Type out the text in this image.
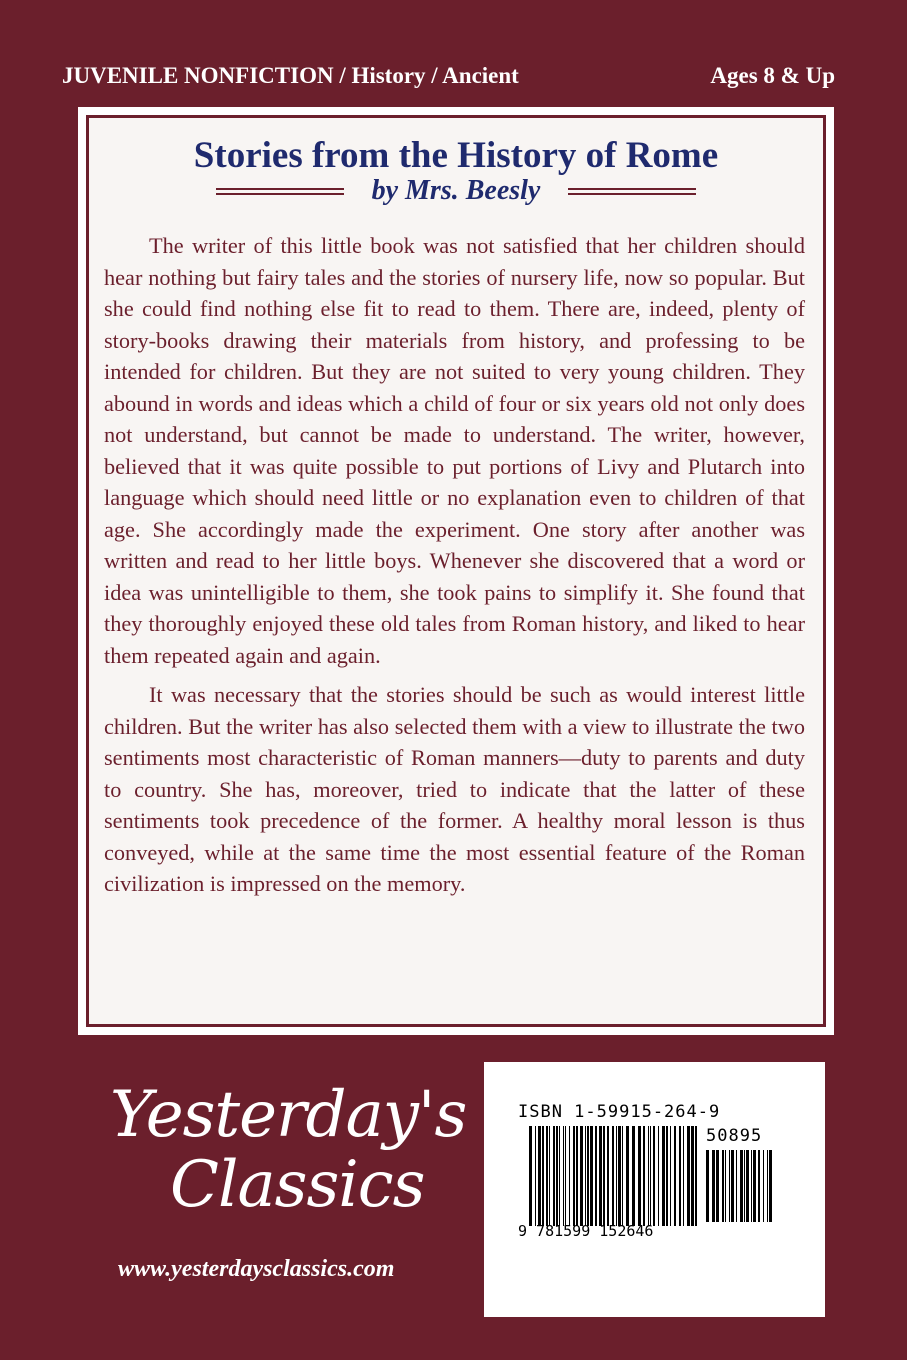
JUVENILE NONFICTION / History / Ancient	Ages 8 & Up
Stories from the History of Rome
by Mrs. Beesly

The writer of this little book was not satisfied that her children should hear nothing but fairy tales and the stories of nursery life, now so popular. But she could find nothing else fit to read to them. There are, indeed, plenty of story-books drawing their materials from history, and professing to be intended for children. But they are not suited to very young children. They abound in words and ideas which a child of four or six years old not only does not understand, but cannot be made to understand. The writer, however, believed that it was quite possible to put portions of Livy and Plutarch into language which should need little or no explanation even to children of that age. She accordingly made the experiment. One story after another was written and read to her little boys. Whenever she discovered that a word or idea was unintelligible to them, she took pains to simplify it. She found that they thoroughly enjoyed these old tales from Roman history, and liked to hear them repeated again and again.

It was necessary that the stories should be such as would interest little children. But the writer has also selected them with a view to illustrate the two sentiments most characteristic of Roman manners—duty to parents and duty to country. She has, moreover, tried to indicate that the latter of these sentiments took precedence of the former. A healthy moral lesson is thus conveyed, while at the same time the most essential feature of the Roman civilization is impressed on the memory.

Yesterday's
Classics
www.yesterdaysclassics.com
ISBN 1-59915-264-9
50895
9 781599 152646
